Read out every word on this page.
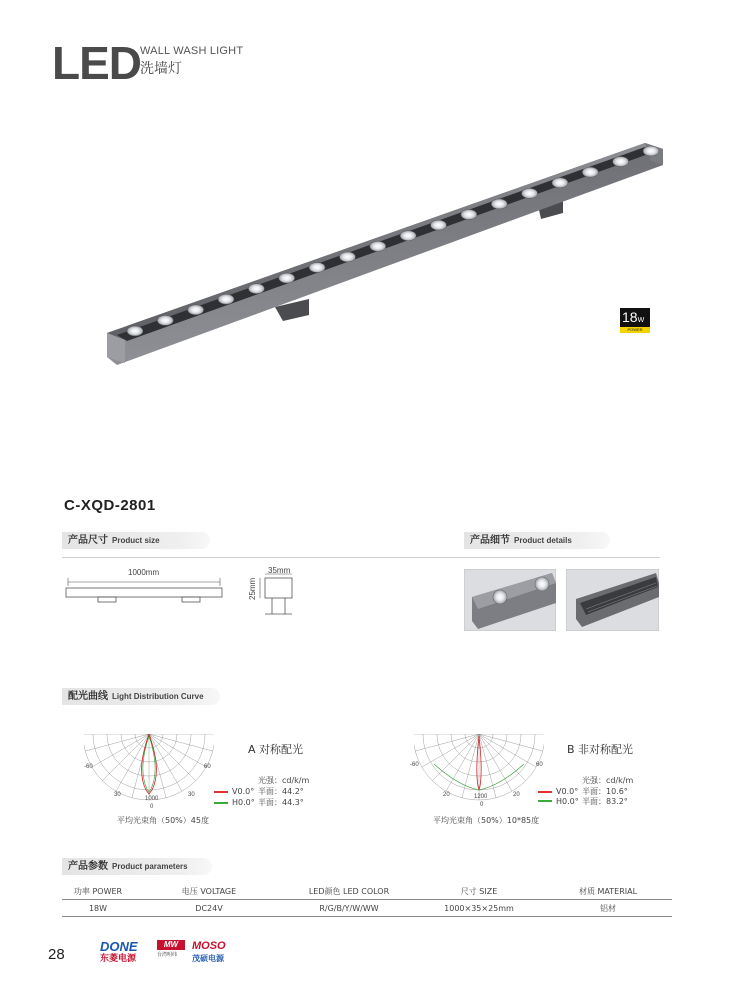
LED WALL WASH LIGHT
洗墙灯
18W
POWER
C-XQD-2801
产品尺寸 Product size	产品细节 Product details
1000mm	35mm
25mm
配光曲线 Light Distribution Curve
-60	60
30	30
1000
0
A 对称配光
光强：cd/k/m
V0.0° 半面：44.2°
H0.0° 半面：44.3°
平均光束角（50%）45度
-60	60
20	20
1200
0
B 非对称配光
光强：cd/k/m
V0.0° 半面：10.6°
H0.0° 半面：83.2°
平均光束角（50%）10*85度
产品参数 Product parameters
功率 POWER	电压 VOLTAGE	LED颜色 LED COLOR	尺寸 SIZE	材质 MATERIAL
18W	DC24V	R/G/B/Y/W/WW	1000×35×25mm	铝材
28	DONE
东菱电源
MW
台湾明纬
MOSO
茂硕电源
